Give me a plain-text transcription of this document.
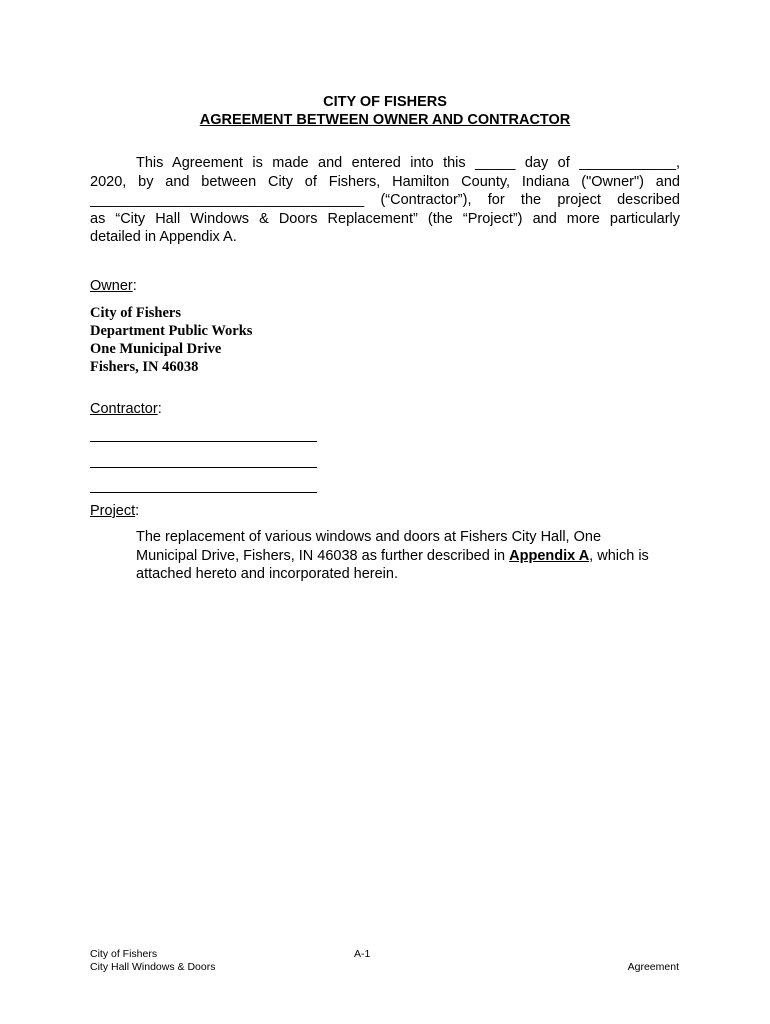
CITY OF FISHERS
AGREEMENT BETWEEN OWNER AND CONTRACTOR
This Agreement is made and entered into this _____ day of ____________,
2020, by and between City of Fishers, Hamilton County, Indiana ("Owner") and
__________________________________ (“Contractor”), for the project described
as “City Hall Windows & Doors Replacement” (the “Project”) and more particularly
detailed in Appendix A.
Owner:
City of Fishers
Department Public Works
One Municipal Drive
Fishers, IN 46038
Contractor:
Project:
The replacement of various windows and doors at Fishers City Hall, One Municipal Drive, Fishers, IN 46038 as further described in Appendix A, which is attached hereto and incorporated herein.
City of Fishers
City Hall Windows & Doors
A-1
Agreement
